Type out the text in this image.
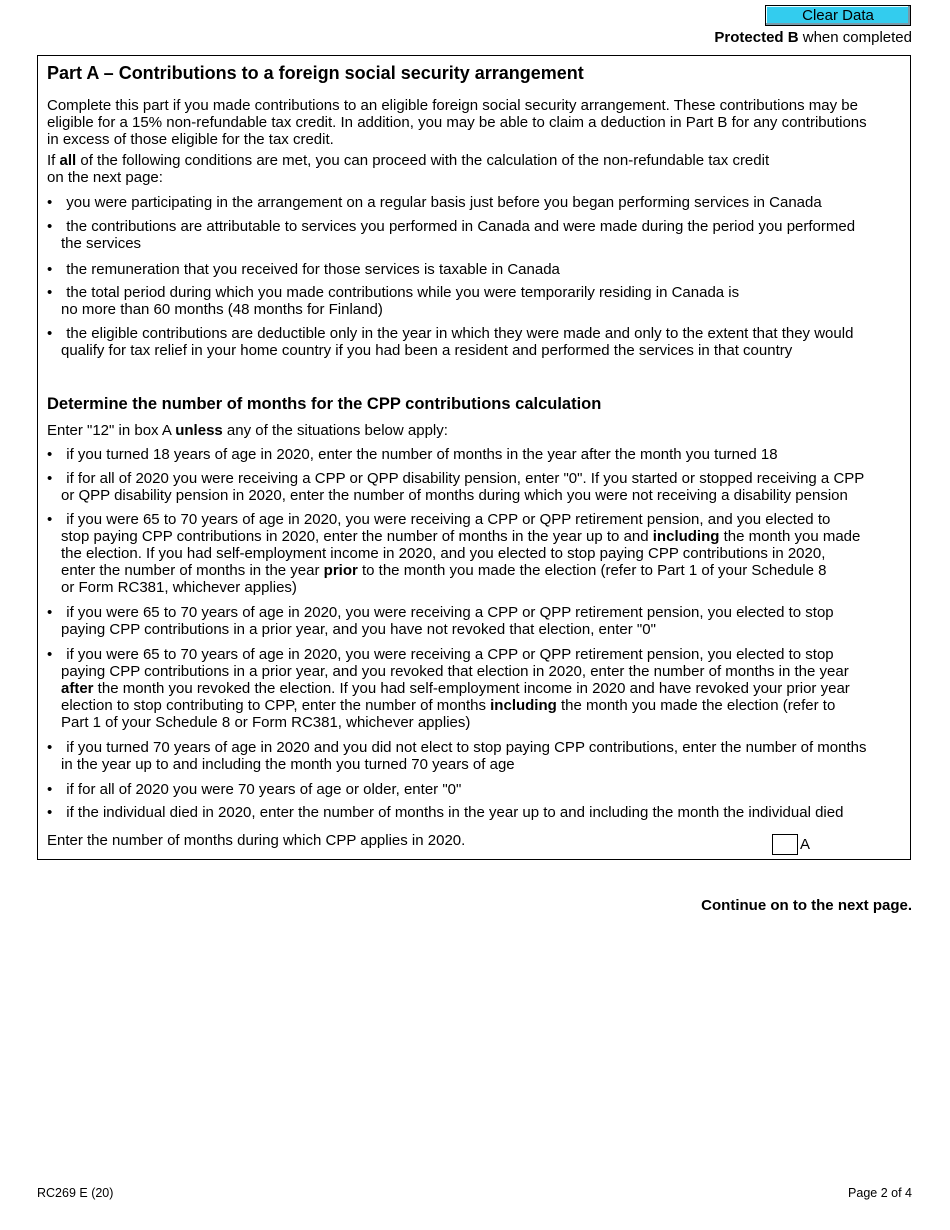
Clear Data
Protected B when completed
Part A – Contributions to a foreign social security arrangement
Complete this part if you made contributions to an eligible foreign social security arrangement. These contributions may be
eligible for a 15% non-refundable tax credit. In addition, you may be able to claim a deduction in Part B for any contributions
in excess of those eligible for the tax credit.
If all of the following conditions are met, you can proceed with the calculation of the non-refundable tax credit
on the next page:
• you were participating in the arrangement on a regular basis just before you began performing services in Canada
• the contributions are attributable to services you performed in Canada and were made during the period you performed
the services
• the remuneration that you received for those services is taxable in Canada
• the total period during which you made contributions while you were temporarily residing in Canada is
no more than 60 months (48 months for Finland)
• the eligible contributions are deductible only in the year in which they were made and only to the extent that they would
qualify for tax relief in your home country if you had been a resident and performed the services in that country
Determine the number of months for the CPP contributions calculation
Enter "12" in box A unless any of the situations below apply:
• if you turned 18 years of age in 2020, enter the number of months in the year after the month you turned 18
• if for all of 2020 you were receiving a CPP or QPP disability pension, enter "0". If you started or stopped receiving a CPP
or QPP disability pension in 2020, enter the number of months during which you were not receiving a disability pension
• if you were 65 to 70 years of age in 2020, you were receiving a CPP or QPP retirement pension, and you elected to
stop paying CPP contributions in 2020, enter the number of months in the year up to and including the month you made
the election. If you had self-employment income in 2020, and you elected to stop paying CPP contributions in 2020,
enter the number of months in the year prior to the month you made the election (refer to Part 1 of your Schedule 8
or Form RC381, whichever applies)
• if you were 65 to 70 years of age in 2020, you were receiving a CPP or QPP retirement pension, you elected to stop
paying CPP contributions in a prior year, and you have not revoked that election, enter "0"
• if you were 65 to 70 years of age in 2020, you were receiving a CPP or QPP retirement pension, you elected to stop
paying CPP contributions in a prior year, and you revoked that election in 2020, enter the number of months in the year
after the month you revoked the election. If you had self-employment income in 2020 and have revoked your prior year
election to stop contributing to CPP, enter the number of months including the month you made the election (refer to
Part 1 of your Schedule 8 or Form RC381, whichever applies)
• if you turned 70 years of age in 2020 and you did not elect to stop paying CPP contributions, enter the number of months
in the year up to and including the month you turned 70 years of age
• if for all of 2020 you were 70 years of age or older, enter "0"
• if the individual died in 2020, enter the number of months in the year up to and including the month the individual died
Enter the number of months during which CPP applies in 2020.	A
Continue on to the next page.
RC269 E (20)	Page 2 of 4
